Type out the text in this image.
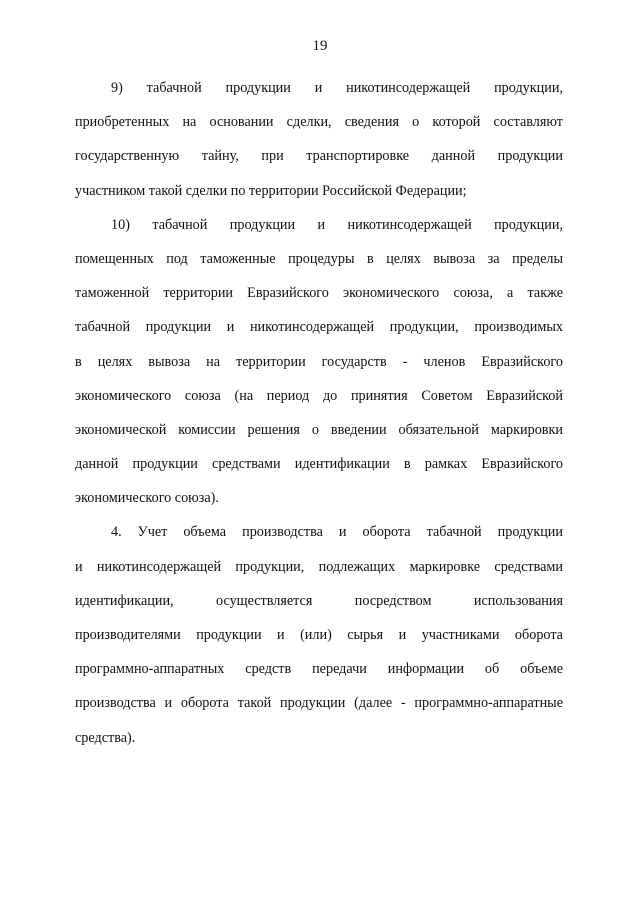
19
9) табачной продукции и никотинсодержащей продукции,
приобретенных на основании сделки, сведения о которой составляют
государственную тайну, при транспортировке данной продукции
участником такой сделки по территории Российской Федерации;
10) табачной продукции и никотинсодержащей продукции,
помещенных под таможенные процедуры в целях вывоза за пределы
таможенной территории Евразийского экономического союза, а также
табачной продукции и никотинсодержащей продукции, производимых
в целях вывоза на территории государств - членов Евразийского
экономического союза (на период до принятия Советом Евразийской
экономической комиссии решения о введении обязательной маркировки
данной продукции средствами идентификации в рамках Евразийского
экономического союза).
4. Учет объема производства и оборота табачной продукции
и никотинсодержащей продукции, подлежащих маркировке средствами
идентификации, осуществляется посредством использования
производителями продукции и (или) сырья и участниками оборота
программно-аппаратных средств передачи информации об объеме
производства и оборота такой продукции (далее - программно-аппаратные
средства).
